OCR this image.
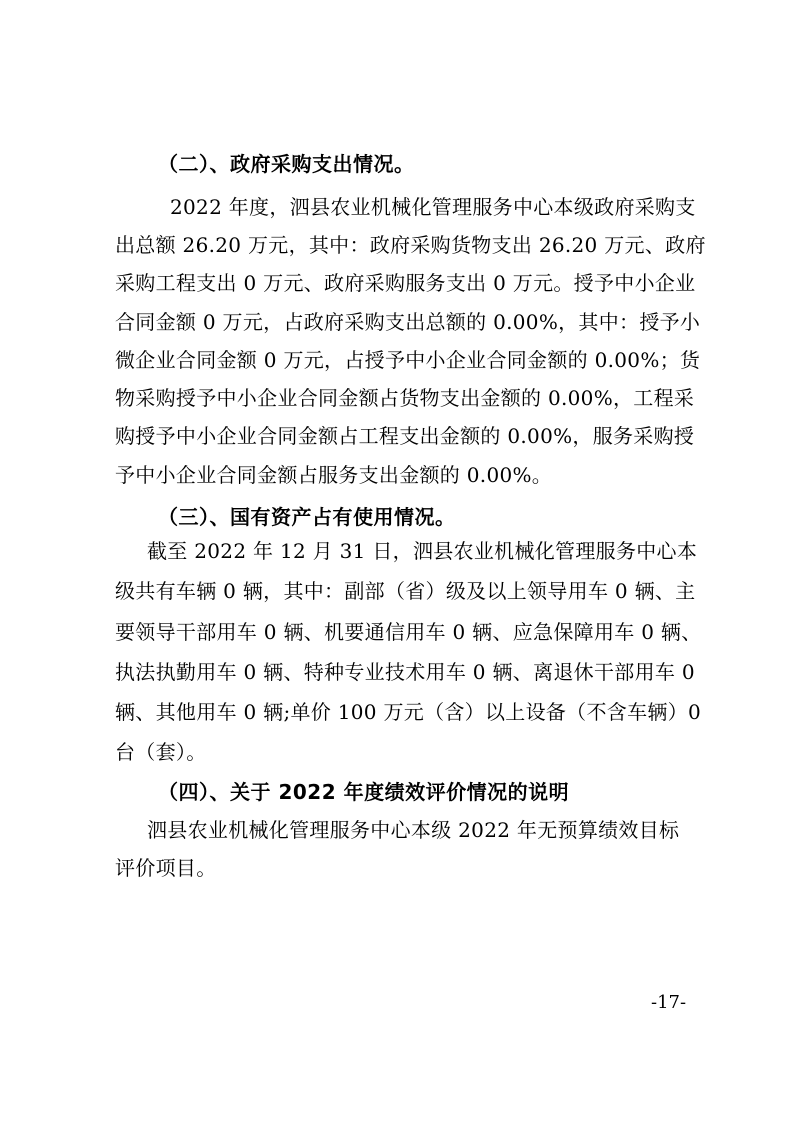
（二）、政府采购支出情况。
2022 年度，泗县农业机械化管理服务中心本级政府采购支
出总额 26.20 万元，其中：政府采购货物支出 26.20 万元、政府
采购工程支出 0 万元、政府采购服务支出 0 万元。授予中小企业
合同金额 0 万元，占政府采购支出总额的 0.00%，其中：授予小
微企业合同金额 0 万元，占授予中小企业合同金额的 0.00%；货
物采购授予中小企业合同金额占货物支出金额的 0.00%，工程采
购授予中小企业合同金额占工程支出金额的 0.00%，服务采购授
予中小企业合同金额占服务支出金额的 0.00%。
（三）、国有资产占有使用情况。
截至 2022 年 12 月 31 日，泗县农业机械化管理服务中心本
级共有车辆 0 辆，其中：副部（省）级及以上领导用车 0 辆、主
要领导干部用车 0 辆、机要通信用车 0 辆、应急保障用车 0 辆、
执法执勤用车 0 辆、特种专业技术用车 0 辆、离退休干部用车 0
辆、其他用车 0 辆;单价 100 万元（含）以上设备（不含车辆）0
台（套）。
（四）、关于 2022 年度绩效评价情况的说明
泗县农业机械化管理服务中心本级 2022 年无预算绩效目标
评价项目。
-17-
